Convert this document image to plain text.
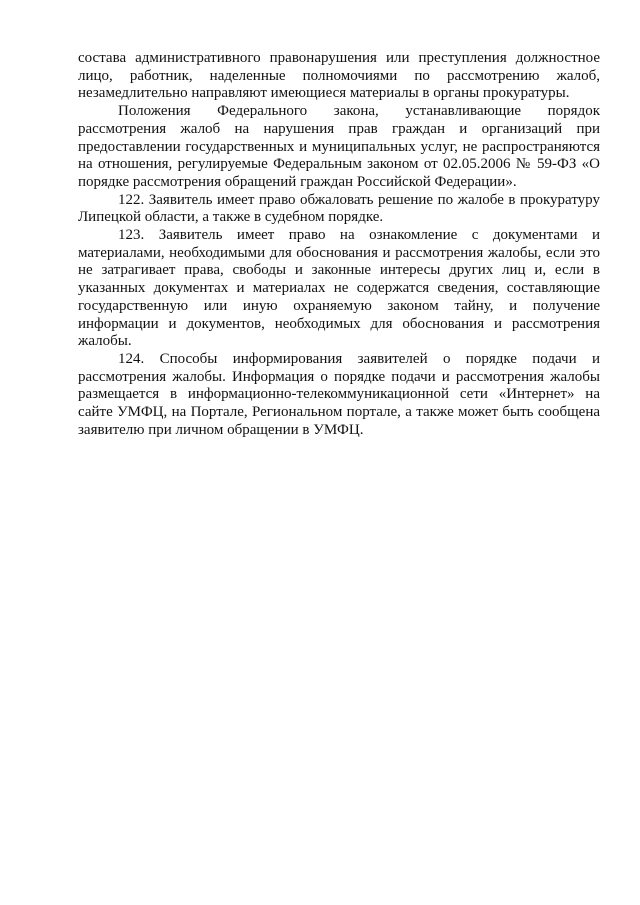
состава административного правонарушения или преступления должностное лицо, работник, наделенные полномочиями по рассмотрению жалоб, незамедлительно направляют имеющиеся материалы в органы прокуратуры.

Положения Федерального закона, устанавливающие порядок рассмотрения жалоб на нарушения прав граждан и организаций при предоставлении государственных и муниципальных услуг, не распространяются на отношения, регулируемые Федеральным законом от 02.05.2006 № 59-ФЗ «О порядке рассмотрения обращений граждан Российской Федерации».

122. Заявитель имеет право обжаловать решение по жалобе в прокуратуру Липецкой области, а также в судебном порядке.

123. Заявитель имеет право на ознакомление с документами и материалами, необходимыми для обоснования и рассмотрения жалобы, если это не затрагивает права, свободы и законные интересы других лиц и, если в указанных документах и материалах не содержатся сведения, составляющие государственную или иную охраняемую законом тайну, и получение информации и документов, необходимых для обоснования и рассмотрения жалобы.

124. Способы информирования заявителей о порядке подачи и рассмотрения жалобы. Информация о порядке подачи и рассмотрения жалобы размещается в информационно-телекоммуникационной сети «Интернет» на сайте УМФЦ, на Портале, Региональном портале, а также может быть сообщена заявителю при личном обращении в УМФЦ.
